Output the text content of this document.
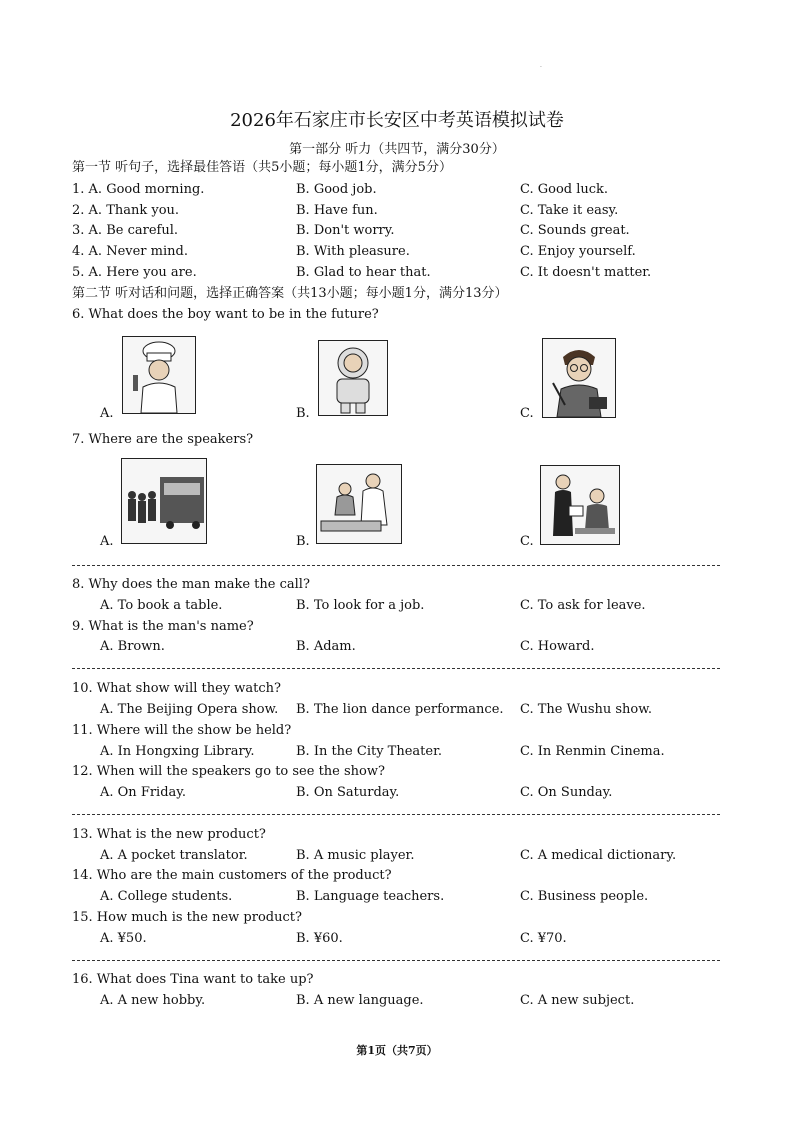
.
2026年石家庄市长安区中考英语模拟试卷
第一部分 听力（共四节，满分30分）
第一节 听句子，选择最佳答语（共5小题；每小题1分，满分5分）
1. A. Good morning.	B. Good job.	C. Good luck.
2. A. Thank you.	B. Have fun.	C. Take it easy.
3. A. Be careful.	B. Don't worry.	C. Sounds great.
4. A. Never mind.	B. With pleasure.	C. Enjoy yourself.
5. A. Here you are.	B. Glad to hear that.	C. It doesn't matter.
第二节 听对话和问题，选择正确答案（共13小题；每小题1分，满分13分）
6. What does the boy want to be in the future?
A.	B.	C.
7. Where are the speakers?
A.	B.	C.
8. Why does the man make the call?
A. To book a table.	B. To look for a job.	C. To ask for leave.
9. What is the man's name?
A. Brown.	B. Adam.	C. Howard.
10. What show will they watch?
A. The Beijing Opera show. B. The lion dance performance. C. The Wushu show.
11. Where will the show be held?
A. In Hongxing Library.	B. In the City Theater.	C. In Renmin Cinema.
12. When will the speakers go to see the show?
A. On Friday.	B. On Saturday.	C. On Sunday.
13. What is the new product?
A. A pocket translator.	B. A music player.	C. A medical dictionary.
14. Who are the main customers of the product?
A. College students.	B. Language teachers.	C. Business people.
15. How much is the new product?
A. ¥50.	B. ¥60.	C. ¥70.
16. What does Tina want to take up?
A. A new hobby.	B. A new language.	C. A new subject.
第1页（共7页）
